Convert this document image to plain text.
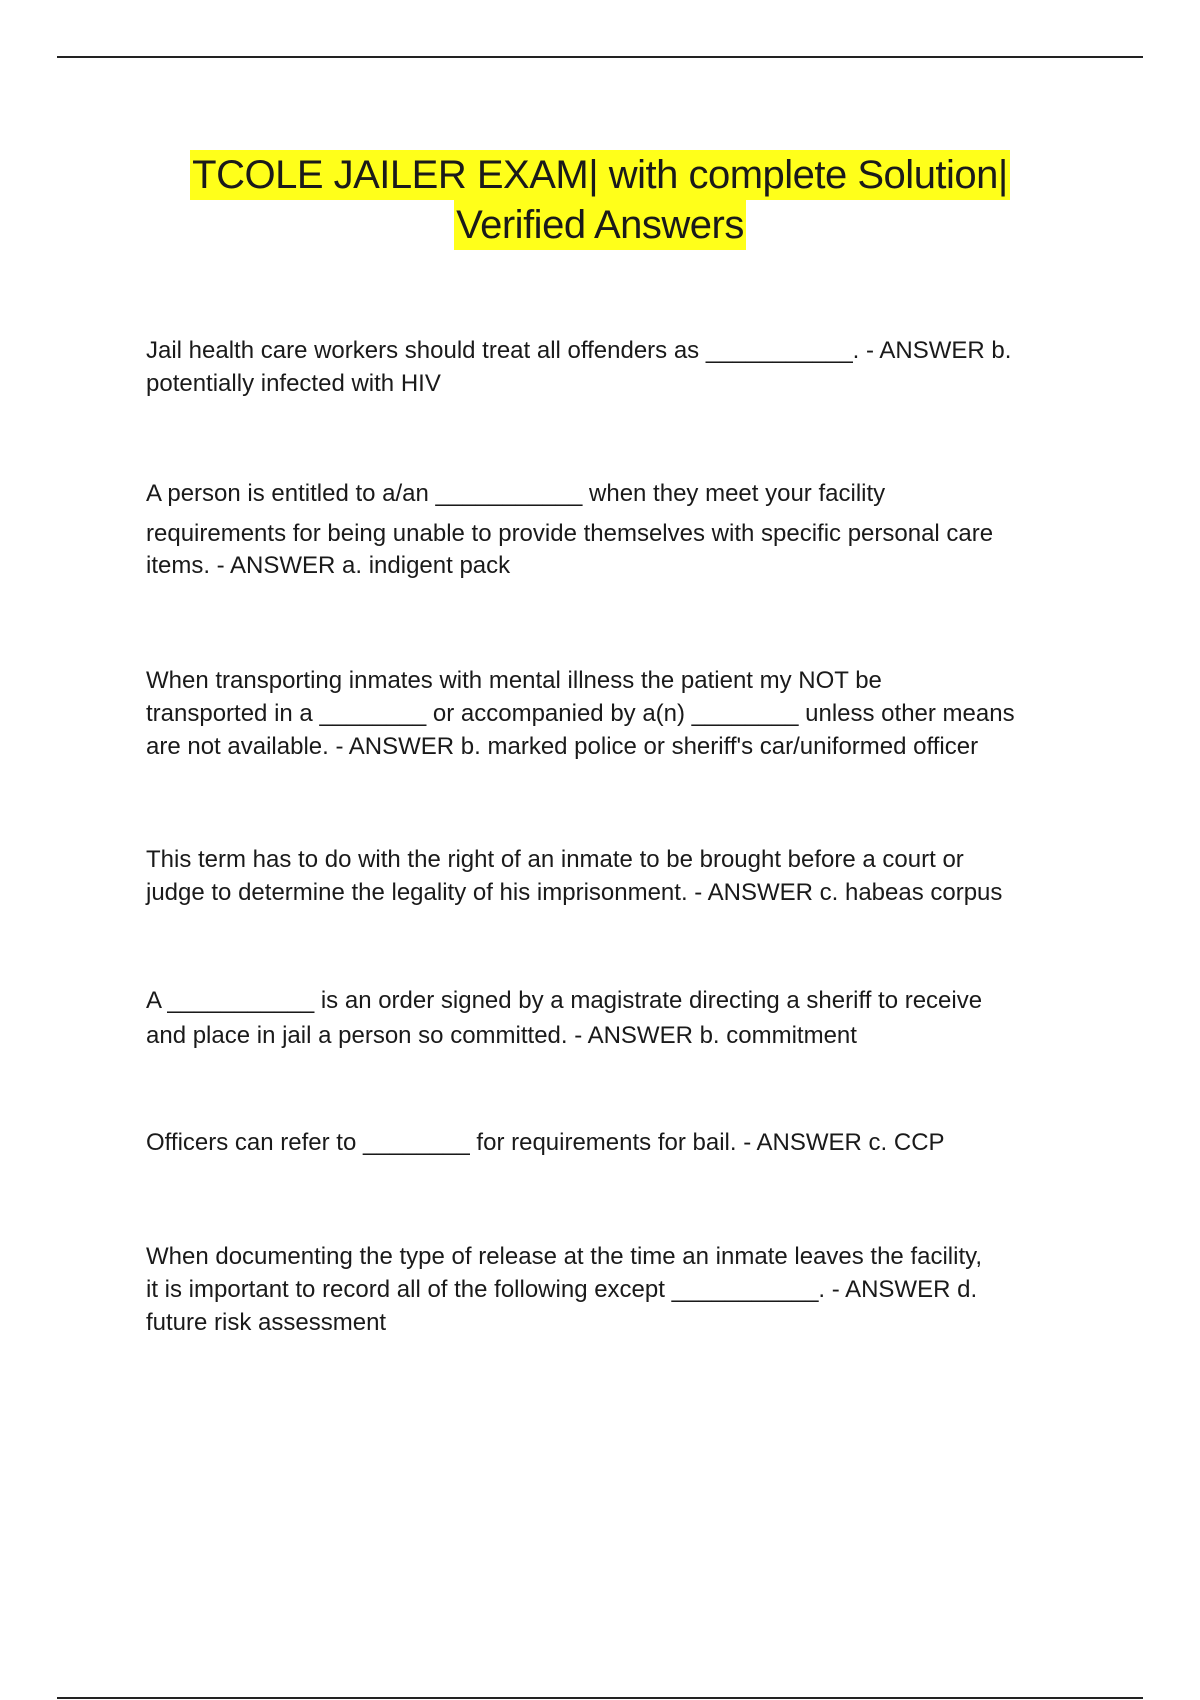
TCOLE JAILER EXAM| with complete Solution|
Verified Answers

Jail health care workers should treat all offenders as ___________. - ANSWER b.

potentially infected with HIV

A person is entitled to a/an ___________ when they meet your facility

requirements for being unable to provide themselves with specific personal care

items. - ANSWER a. indigent pack

When transporting inmates with mental illness the patient my NOT be

transported in a ________ or accompanied by a(n) ________ unless other means

are not available. - ANSWER b. marked police or sheriff's car/uniformed officer

This term has to do with the right of an inmate to be brought before a court or

judge to determine the legality of his imprisonment. - ANSWER c. habeas corpus

A ___________ is an order signed by a magistrate directing a sheriff to receive

and place in jail a person so committed. - ANSWER b. commitment

Officers can refer to ________ for requirements for bail. - ANSWER c. CCP

When documenting the type of release at the time an inmate leaves the facility,

it is important to record all of the following except ___________. - ANSWER d.

future risk assessment
